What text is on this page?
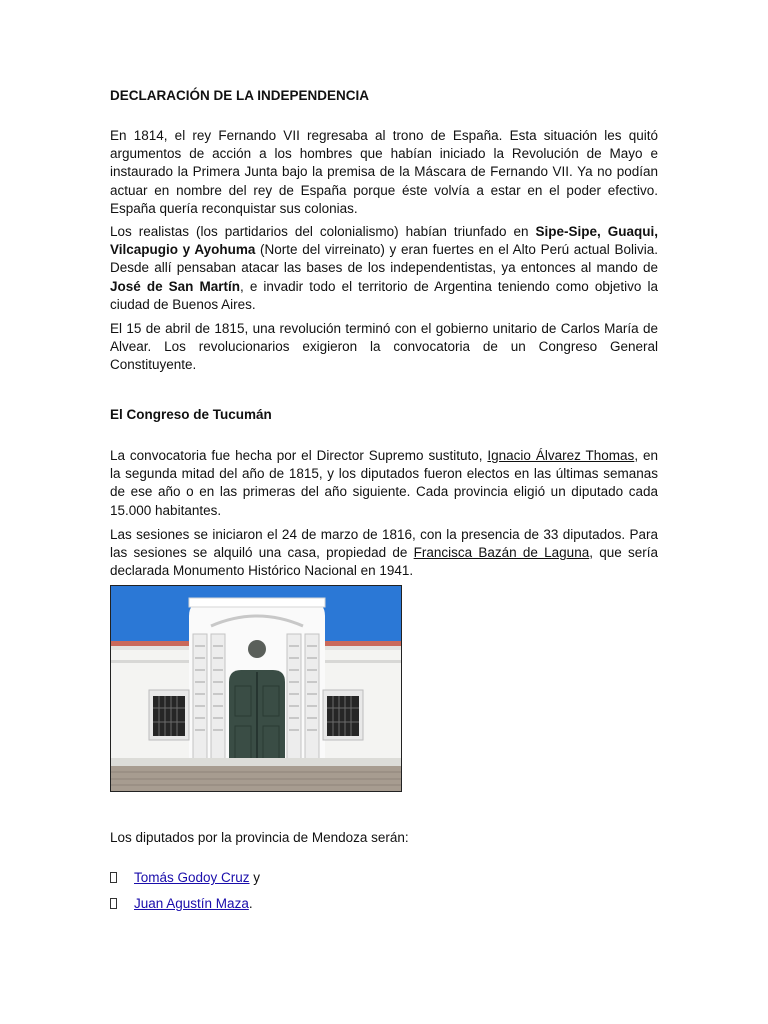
DECLARACIÓN DE LA INDEPENDENCIA

En 1814, el rey Fernando VII regresaba al trono de España. Esta situación les quitó argumentos de acción a los hombres que habían iniciado la Revolución de Mayo e instaurado la Primera Junta bajo la premisa de la Máscara de Fernando VII. Ya no podían actuar en nombre del rey de España porque éste volvía a estar en el poder efectivo. España quería reconquistar sus colonias.

Los realistas (los partidarios del colonialismo) habían triunfado en Sipe-Sipe, Guaqui, Vilcapugio y Ayohuma (Norte del virreinato) y eran fuertes en el Alto Perú actual Bolivia. Desde allí pensaban atacar las bases de los independentistas, ya entonces al mando de José de San Martín, e invadir todo el territorio de Argentina teniendo como objetivo la ciudad de Buenos Aires.

El 15 de abril de 1815, una revolución terminó con el gobierno unitario de Carlos María de Alvear. Los revolucionarios exigieron la convocatoria de un Congreso General Constituyente.

El Congreso de Tucumán

La convocatoria fue hecha por el Director Supremo sustituto, Ignacio Álvarez Thomas, en la segunda mitad del año de 1815, y los diputados fueron electos en las últimas semanas de ese año o en las primeras del año siguiente. Cada provincia eligió un diputado cada 15.000 habitantes.

Las sesiones se iniciaron el 24 de marzo de 1816, con la presencia de 33 diputados. Para las sesiones se alquiló una casa, propiedad de Francisca Bazán de Laguna, que sería declarada Monumento Histórico Nacional en 1941.

Los diputados por la provincia de Mendoza serán:
Tomás Godoy Cruz y
Juan Agustín Maza.
